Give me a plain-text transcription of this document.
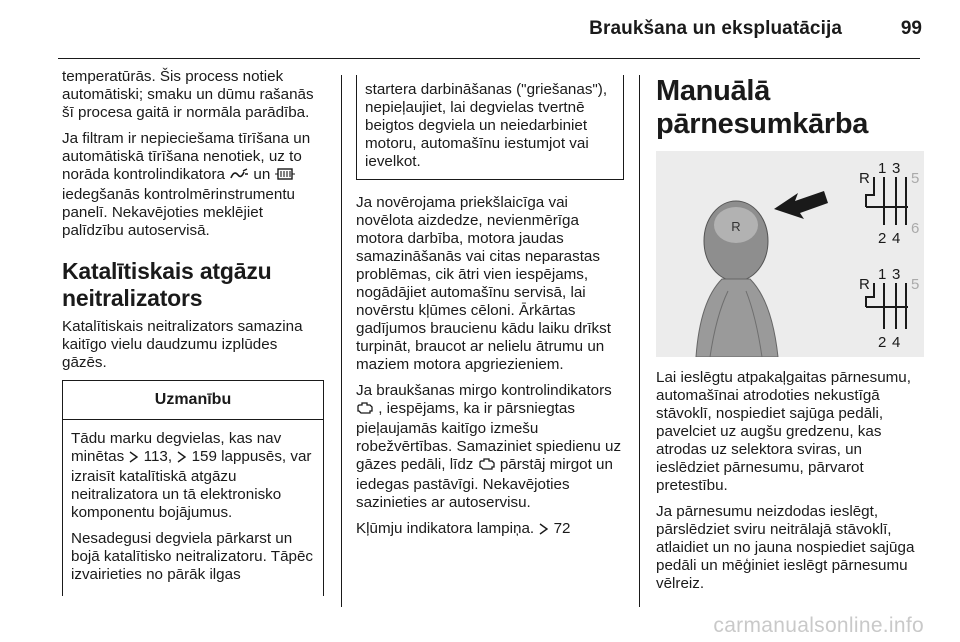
Braukšana un ekspluatācija	99

temperatūrās. Šis process notiek automātiski; smaku un dūmu rašanās šī procesa gaitā ir normāla parādība.

Ja filtram ir nepieciešama tīrīšana un automātiskā tīrīšana nenotiek, uz to norāda kontrolindikatora un  iedegšanās kontrolmērinstrumentu panelī. Nekavējoties meklējiet palīdzību autoservisā.

Katalītiskais atgāzu neitralizators

Katalītiskais neitralizators samazina kaitīgo vielu daudzumu izplūdes gāzēs.

Uzmanību

Tādu marku degvielas, kas nav minētas 113, 159 lappusēs, var izraisīt katalītiskā atgāzu neitralizatora un tā elektronisko komponentu bojājumus.

Nesadegusi degviela pārkarst un bojā katalītisko neitralizatoru. Tāpēc izvairieties no pārāk ilgas

startera darbināšanas ("griešanas"), nepieļaujiet, lai degvielas tvertnē beigtos degviela un neiedarbiniet motoru, automašīnu iestumjot vai ievelkot.

Ja novērojama priekšlaicīga vai novēlota aizdedze, nevienmērīga motora darbība, motora jaudas samazināšanās vai citas neparastas problēmas, cik ātri vien iespējams, nogādājiet automašīnu servisā, lai novērstu kļūmes cēloni. Ārkārtas gadījumos braucienu kādu laiku drīkst turpināt, braucot ar nelielu ātrumu un maziem motora apgriezieniem.

Ja braukšanas mirgo kontrolindikators  , iespējams, ka ir pārsniegtas pieļaujamās kaitīgo izmešu robežvērtības. Samaziniet spiedienu uz gāzes pedāli, līdz pārstāj mirgot un iedegas pastāvīgi. Nekavējoties sazinieties ar autoservisu.

Kļūmju indikatora lampiņa. 72

Manuālā pārnesumkārba
R
R
1 3
5
2 4
6
R
1 3
5
2 4

Lai ieslēgtu atpakaļgaitas pārnesumu, automašīnai atrodoties nekustīgā stāvoklī, nospiediet sajūga pedāli, pavelciet uz augšu gredzenu, kas atrodas uz selektora sviras, un ieslēdziet pārnesumu, pārvarot pretestību.

Ja pārnesumu neizdodas ieslēgt, pārslēdziet sviru neitrālajā stāvoklī, atlaidiet un no jauna nospiediet sajūga pedāli un mēģiniet ieslēgt pārnesumu vēlreiz.

carmanualsonline.info
